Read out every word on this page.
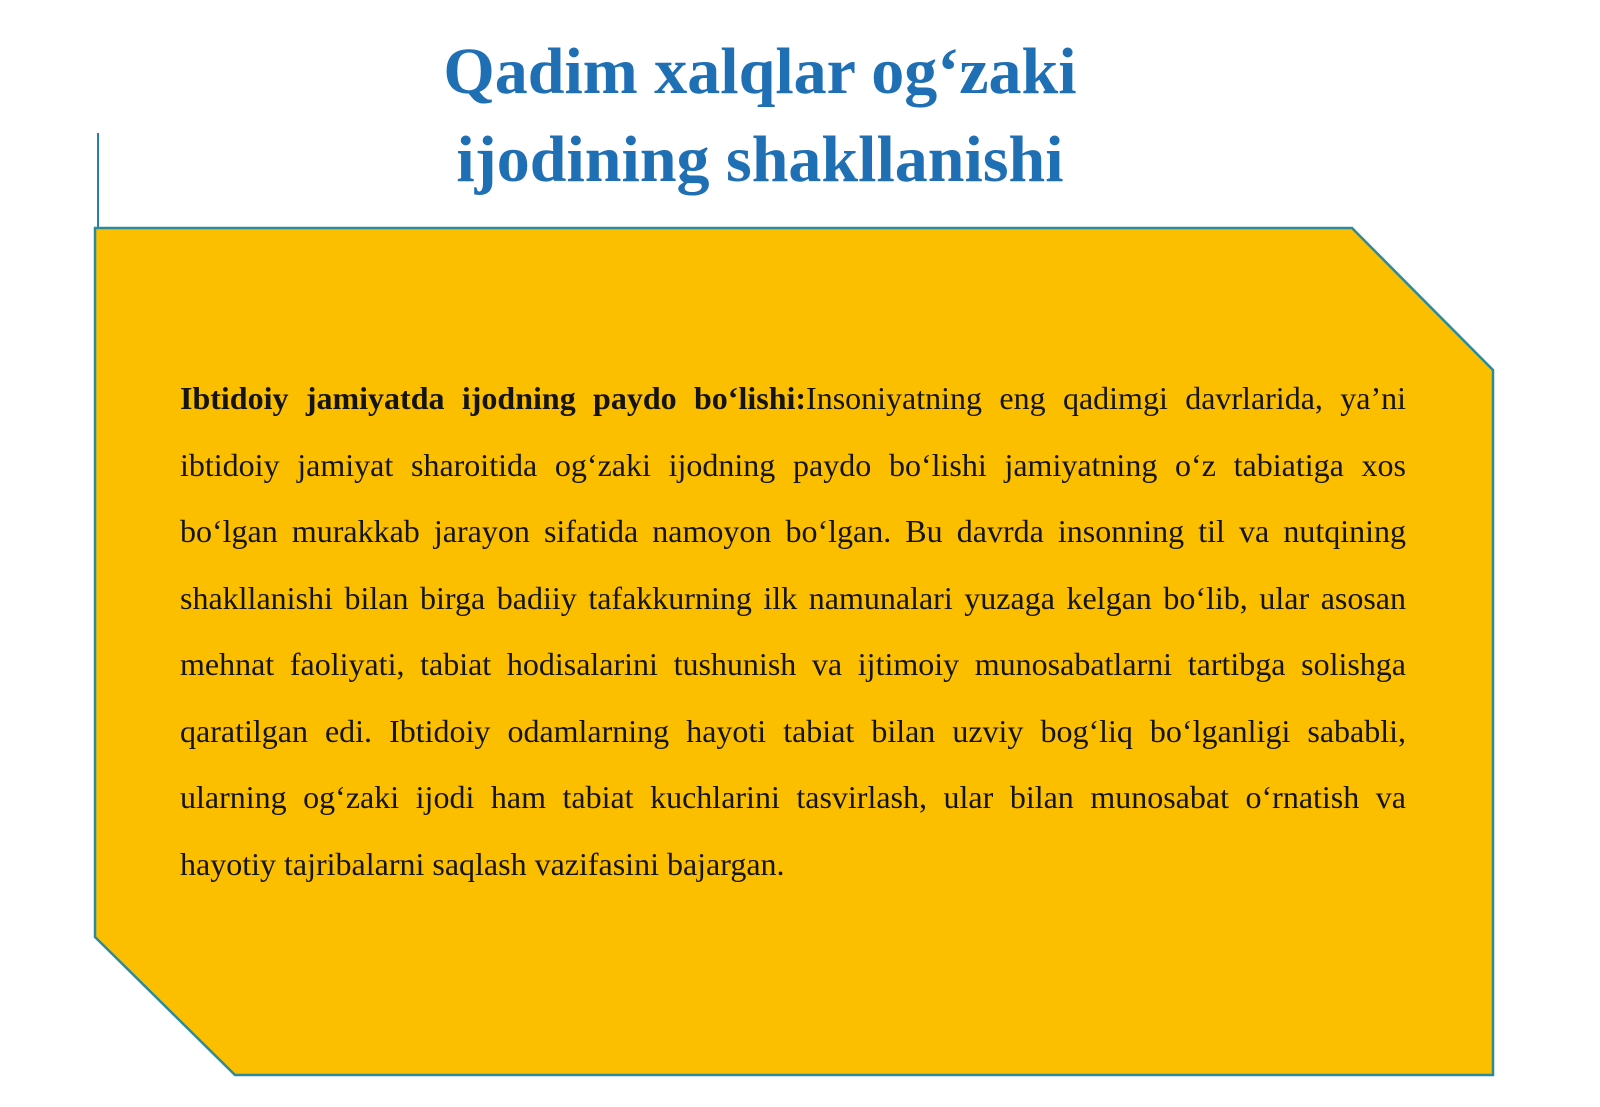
Qadim xalqlar og‘zaki
ijodining shakllanishi

Ibtidoiy jamiyatda ijodning paydo bo‘lishi:Insoniyatning eng qadimgi davrlarida, ya’ni ibtidoiy jamiyat sharoitida og‘zaki ijodning paydo bo‘lishi jamiyatning o‘z tabiatiga xos bo‘lgan murakkab jarayon sifatida namoyon bo‘lgan. Bu davrda insonning til va nutqining shakllanishi bilan birga badiiy tafakkurning ilk namunalari yuzaga kelgan bo‘lib, ular asosan mehnat faoliyati, tabiat hodisalarini tushunish va ijtimoiy munosabatlarni tartibga solishga qaratilgan edi. Ibtidoiy odamlarning hayoti tabiat bilan uzviy bog‘liq bo‘lganligi sababli, ularning og‘zaki ijodi ham tabiat kuchlarini tasvirlash, ular bilan munosabat o‘rnatish va hayotiy tajribalarni saqlash vazifasini bajargan.
